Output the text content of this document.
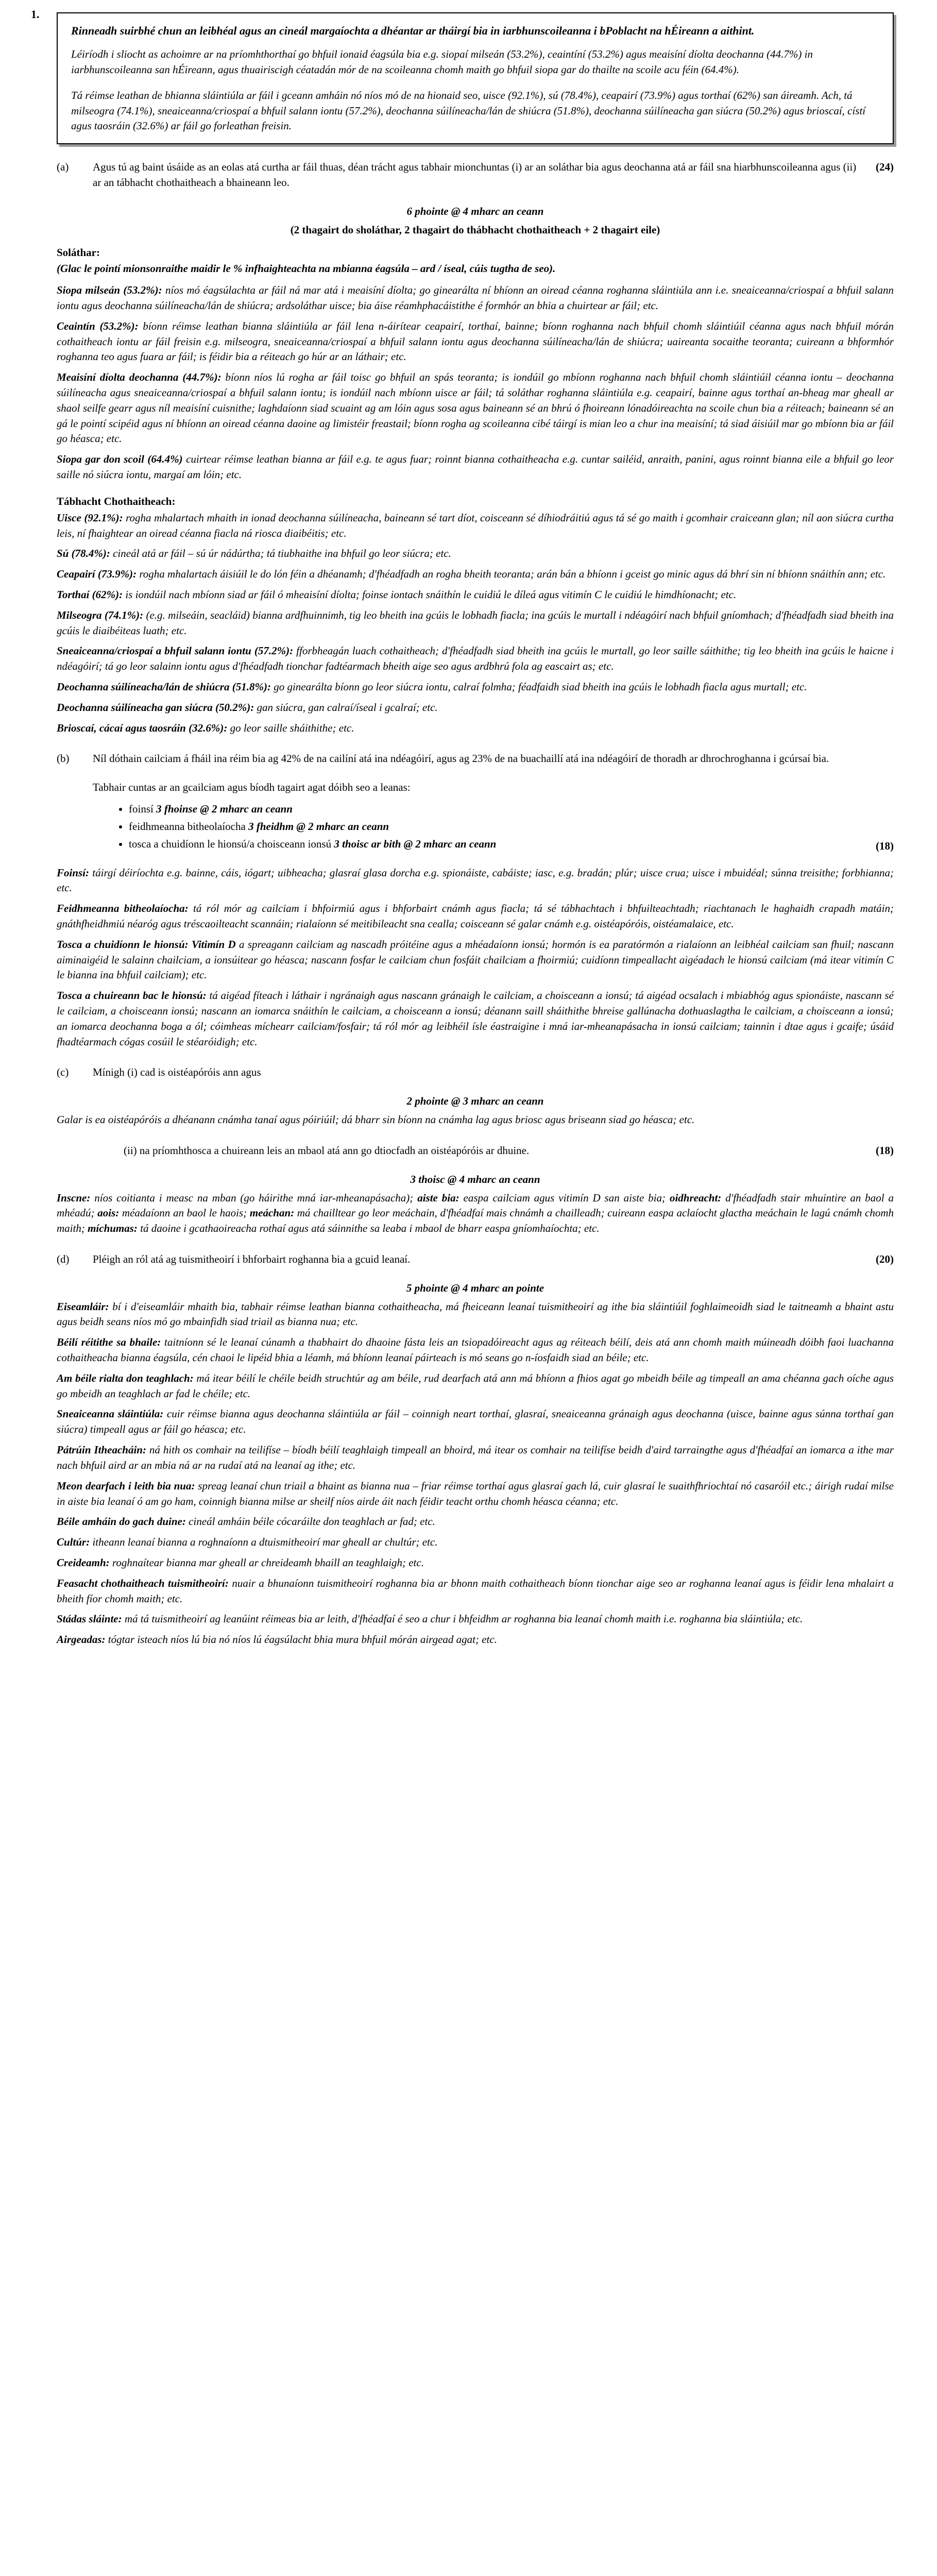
1.
Rinneadh suirbhé chun an leibhéal agus an cineál margaíochta a dhéantar ar tháirgí bia in iarbhunscoileanna i bPoblacht na hÉireann a aithint.

Léiríodh i sliocht as achoimre ar na príomhthorthaí go bhfuil ionaid éagsúla bia e.g. siopaí milseán (53.2%), ceaintíní (53.2%) agus meaisíní díolta deochanna (44.7%) in iarbhunscoileanna san hÉireann, agus thuairiscigh céatadán mór de na scoileanna chomh maith go bhfuil siopa gar do thailte na scoile acu féin (64.4%).

Tá réimse leathan de bhianna sláintiúla ar fáil i gceann amháin nó níos mó de na hionaid seo, uisce (92.1%), sú (78.4%), ceapairí (73.9%) agus torthaí (62%) san áireamh. Ach, tá milseogra (74.1%), sneaiceanna/criospaí a bhfuil salann iontu (57.2%), deochanna súilíneacha/lán de shiúcra (51.8%), deochanna súilíneacha gan siúcra (50.2%) agus brioscaí, cístí agus taosráin (32.6%) ar fáil go forleathan freisin.

(a)	Agus tú ag baint úsáide as an eolas atá curtha ar fáil thuas, déan trácht agus tabhair mionchuntas (i) ar an soláthar bia agus deochanna atá ar fáil sna hiarbhunscoileanna agus (ii) ar an tábhacht chothaitheach a bhaineann leo.
(24)
6 phointe @ 4 mharc an ceann
(2 thagairt do sholáthar, 2 thagairt do thábhacht chothaitheach + 2 thagairt eile)
Soláthar:
(Glac le pointí mionsonraithe maidir le % infhaighteachta na mbianna éagsúla – ard / íseal, cúis tugtha de seo).
Siopa milseán (53.2%): níos mó éagsúlachta ar fáil ná mar atá i meaisíní díolta; go ginearálta ní bhíonn an oiread céanna roghanna sláintiúla ann i.e. sneaiceanna/criospaí a bhfuil salann iontu agus deochanna súilíneacha/lán de shiúcra; ardsoláthar uisce; bia áise réamhphacáistithe é formhór an bhia a chuirtear ar fáil; etc.
Ceaintín (53.2%): bíonn réimse leathan bianna sláintiúla ar fáil lena n-áirítear ceapairí, torthaí, bainne; bíonn roghanna nach bhfuil chomh sláintiúil céanna agus nach bhfuil mórán cothaitheach iontu ar fáil freisin e.g. milseogra, sneaiceanna/criospaí a bhfuil salann iontu agus deochanna súilíneacha/lán de shiúcra; uaireanta socaithe teoranta; cuireann a bhformhór roghanna teo agus fuara ar fáil; is féidir bia a réiteach go húr ar an láthair; etc.
Meaisíní díolta deochanna (44.7%): bíonn níos lú rogha ar fáil toisc go bhfuil an spás teoranta; is iondúil go mbíonn roghanna nach bhfuil chomh sláintiúil céanna iontu – deochanna súilíneacha agus sneaiceanna/criospaí a bhfuil salann iontu; is iondúil nach mbíonn uisce ar fáil; tá soláthar roghanna sláintiúla e.g. ceapairí, bainne agus torthaí an-bheag mar gheall ar shaol seilfe gearr agus níl meaisíní cuisnithe; laghdaíonn siad scuaint ag am lóin agus sosa agus baineann sé an bhrú ó fhoireann lónadóireachta na scoile chun bia a réiteach; baineann sé an gá le pointí scipéid agus ní bhíonn an oiread céanna daoine ag limistéir freastail; bíonn rogha ag scoileanna cibé táirgí is mian leo a chur ina meaisíní; tá siad áisiúil mar go mbíonn bia ar fáil go héasca; etc.
Siopa gar don scoil (64.4%) cuirtear réimse leathan bianna ar fáil e.g. te agus fuar; roinnt bianna cothaitheacha e.g. cuntar sailéid, anraith, panini, agus roinnt bianna eile a bhfuil go leor saille nó siúcra iontu, margaí am lóin; etc.
Tábhacht Chothaitheach:
Uisce (92.1%): rogha mhalartach mhaith in ionad deochanna súilíneacha, baineann sé tart díot, coisceann sé díhiodráitiú agus tá sé go maith i gcomhair craiceann glan; níl aon siúcra curtha leis, ní fhaightear an oiread céanna fiacla ná riosca diaibéitis; etc.
Sú (78.4%): cineál atá ar fáil – sú úr nádúrtha; tá tiubhaithe ina bhfuil go leor siúcra; etc.
Ceapairí (73.9%): rogha mhalartach áisiúil le do lón féin a dhéanamh; d'fhéadfadh an rogha bheith teoranta; arán bán a bhíonn i gceist go minic agus dá bhrí sin ní bhíonn snáithín ann; etc.
Torthaí (62%): is iondúil nach mbíonn siad ar fáil ó mheaisíní díolta; foinse iontach snáithín le cuidiú le díleá agus vitimín C le cuidiú le himdhíonacht; etc.
Milseogra (74.1%): (e.g. milseáin, seacláid) bianna ardfhuinnimh, tig leo bheith ina gcúis le lobhadh fiacla; ina gcúis le murtall i ndéagóirí nach bhfuil gníomhach; d'fhéadfadh siad bheith ina gcúis le diaibéiteas luath; etc.
Sneaiceanna/criospaí a bhfuil salann iontu (57.2%): fforbheagán luach cothaitheach; d'fhéadfadh siad bheith ina gcúis le murtall, go leor saille sáithithe; tig leo bheith ina gcúis le haicne i ndéagóirí; tá go leor salainn iontu agus d'fhéadfadh tionchar fadtéarmach bheith aige seo agus ardbhrú fola ag eascairt as; etc.
Deochanna súilíneacha/lán de shiúcra (51.8%): go ginearálta bíonn go leor siúcra iontu, calraí folmha; féadfaidh siad bheith ina gcúis le lobhadh fiacla agus murtall; etc.
Deochanna súilíneacha gan siúcra (50.2%): gan siúcra, gan calraí/íseal i gcalraí; etc.
Brioscaí, cácaí agus taosráin (32.6%): go leor saille sháithithe; etc.
(b)	Níl dóthain cailciam á fháil ina réim bia ag 42% de na cailíní atá ina ndéagóirí, agus ag 23% de na buachaillí atá ina ndéagóirí de thoradh ar dhrochroghanna i gcúrsaí bia.
Tabhair cuntas ar an gcailciam agus bíodh tagairt agat dóibh seo a leanas:
• foinsí 3 fhoinse @ 2 mharc an ceann
• feidhmeanna bitheolaíocha 3 fheidhm @ 2 mharc an ceann
• tosca a chuidíonn le hionsú/a choisceann ionsú 3 thoisc ar bith @ 2 mharc an ceann	(18)
Foinsí: táirgí déiríochta e.g. bainne, cáis, iógart; uibheacha; glasraí glasa dorcha e.g. spionáiste, cabáiste; iasc, e.g. bradán; plúr; uisce crua; uisce i mbuidéal; súnna treisithe; forbhianna; etc.
Feidhmeanna bitheolaíocha: tá ról mór ag cailciam i bhfoirmiú agus i bhforbairt cnámh agus fiacla; tá sé tábhachtach i bhfuilteachtadh; riachtanach le haghaidh crapadh matáin; gnáthfheidhmiú néaróg agus tréscaoilteacht scannáin; rialaíonn sé meitibileacht sna cealla; coisceann sé galar cnámh e.g. oistéapóróis, oistéamalaice, etc.
Tosca a chuidíonn le hionsú: Vitimín D a spreagann cailciam ag nascadh próitéine agus a mhéadaíonn ionsú; hormón is ea paratórmón a rialaíonn an leibhéal cailciam san fhuil; nascann aiminaigéid le salainn chailciam, a ionsúitear go héasca; nascann fosfar le cailciam chun fosfáit chailciam a fhoirmiú; cuidíonn timpeallacht aigéadach le hionsú cailciam (má itear vitimín C le bianna ina bhfuil cailciam); etc.
Tosca a chuireann bac le hionsú: tá aigéad fíteach i láthair i ngránaigh agus nascann gránaigh le cailciam, a choisceann a ionsú; tá aigéad ocsalach i mbiabhóg agus spionáiste, nascann sé le cailciam, a choisceann ionsú; nascann an iomarca snáithín le cailciam, a choisceann a ionsú; déanann saill sháithithe bhreise gallúnacha dothuaslagtha le cailciam, a choisceann a ionsú; an iomarca deochanna boga a ól; cóimheas míchearr cailciam/fosfair; tá ról mór ag leibhéil ísle éastraigine i mná iar-mheanapásacha in ionsú cailciam; tainnin i dtae agus i gcaife; úsáid fhadtéarmach cógas cosúil le stéaróidigh; etc.
(c)	Mínigh (i) cad is oistéapóróis ann agus
2 phointe @ 3 mharc an ceann
Galar is ea oistéapóróis a dhéanann cnámha tanaí agus póiriúil; dá bharr sin bíonn na cnámha lag agus briosc agus briseann siad go héasca; etc.
(ii) na príomhthosca a chuireann leis an mbaol atá ann go dtiocfadh an oistéapóróis ar dhuine.	(18)
3 thoisc @ 4 mharc an ceann
Inscne: níos coitianta i measc na mban (go háirithe mná iar-mheanapásacha); aiste bia: easpa cailciam agus vitimín D san aiste bia; oidhreacht: d'fhéadfadh stair mhuintire an baol a mhéadú; aois: méadaíonn an baol le haois; meáchan: má chailltear go leor meáchain, d'fhéadfaí mais chnámh a chailleadh; cuireann easpa aclaíocht glactha meáchain le lagú cnámh chomh maith; míchumas: tá daoine i gcathaoireacha rothaí agus atá sáinnithe sa leaba i mbaol de bharr easpa gníomhaíochta; etc.
(d)	Pléigh an ról atá ag tuismitheoirí i bhforbairt roghanna bia a gcuid leanaí.	(20)
5 phointe @ 4 mharc an pointe
Eiseamláir: bí i d'eiseamláir mhaith bia, tabhair réimse leathan bianna cothaitheacha, má fheiceann leanaí tuismitheoirí ag ithe bia sláintiúil foghlaimeoidh siad le taitneamh a bhaint astu agus beidh seans níos mó go mbainfidh siad triail as bianna nua; etc.
Béilí réitithe sa bhaile: taitníonn sé le leanaí cúnamh a thabhairt do dhaoine fásta leis an tsiopadóireacht agus ag réiteach béilí, deis atá ann chomh maith múineadh dóibh faoi luachanna cothaitheacha bianna éagsúla, cén chaoi le lipéid bhia a léamh, má bhíonn leanaí páirteach is mó seans go n-íosfaidh siad an béile; etc.
Am béile rialta don teaghlach: má itear béilí le chéile beidh struchtúr ag am béile, rud dearfach atá ann má bhíonn a fhios agat go mbeidh béile ag timpeall an ama chéanna gach oíche agus go mbeidh an teaghlach ar fad le chéile; etc.
Sneaiceanna sláintiúla: cuir réimse bianna agus deochanna sláintiúla ar fáil – coinnigh neart torthaí, glasraí, sneaiceanna gránaigh agus deochanna (uisce, bainne agus súnna torthaí gan siúcra) timpeall agus ar fáil go héasca; etc.
Pátrúin Itheacháin: ná hith os comhair na teilifíse – bíodh béilí teaghlaigh timpeall an bhoird, má itear os comhair na teilifíse beidh d'aird tarraingthe agus d'fhéadfaí an iomarca a ithe mar nach bhfuil aird ar an mbia ná ar na rudaí atá na leanaí ag ithe; etc.
Meon dearfach i leith bia nua: spreag leanaí chun triail a bhaint as bianna nua – friar réimse torthaí agus glasraí gach lá, cuir glasraí le suaithfhriochtaí nó casaróil etc.; áirigh rudaí milse in aiste bia leanaí ó am go ham, coinnigh bianna milse ar sheilf níos airde áit nach féidir teacht orthu chomh héasca céanna; etc.
Béile amháin do gach duine: cineál amháin béile cócaráilte don teaghlach ar fad; etc.
Cultúr: itheann leanaí bianna a roghnaíonn a dtuismitheoirí mar gheall ar chultúr; etc.
Creideamh: roghnaítear bianna mar gheall ar chreideamh bhaill an teaghlaigh; etc.
Feasacht chothaitheach tuismitheoirí: nuair a bhunaíonn tuismitheoirí roghanna bia ar bhonn maith cothaitheach bíonn tionchar aige seo ar roghanna leanaí agus is féidir lena mhalairt a bheith fíor chomh maith; etc.
Stádas sláinte: má tá tuismitheoirí ag leanúint réimeas bia ar leith, d'fhéadfaí é seo a chur i bhfeidhm ar roghanna bia leanaí chomh maith i.e. roghanna bia sláintiúla; etc.
Airgeadas: tógtar isteach níos lú bia nó níos lú éagsúlacht bhia mura bhfuil mórán airgead agat; etc.
